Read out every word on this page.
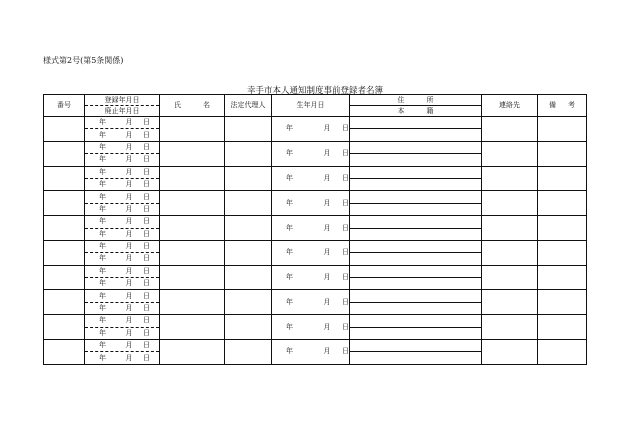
様式第2号(第5条関係)
幸手市本人通知制度事前登録者名簿
番号	登録年月日	氏 名	法定代理人	生年月日	住 所	連絡先	備 考
	廃止年月日				本 籍		
	年 月 日			年 月 日			
	年 月 日						
	年 月 日			年 月 日			
	年 月 日						
	年 月 日			年 月 日			
	年 月 日						
	年 月 日			年 月 日			
	年 月 日						
	年 月 日			年 月 日			
	年 月 日						
	年 月 日			年 月 日			
	年 月 日						
	年 月 日			年 月 日			
	年 月 日						
	年 月 日			年 月 日			
	年 月 日						
	年 月 日			年 月 日			
	年 月 日						
	年 月 日			年 月 日			
	年 月 日						
